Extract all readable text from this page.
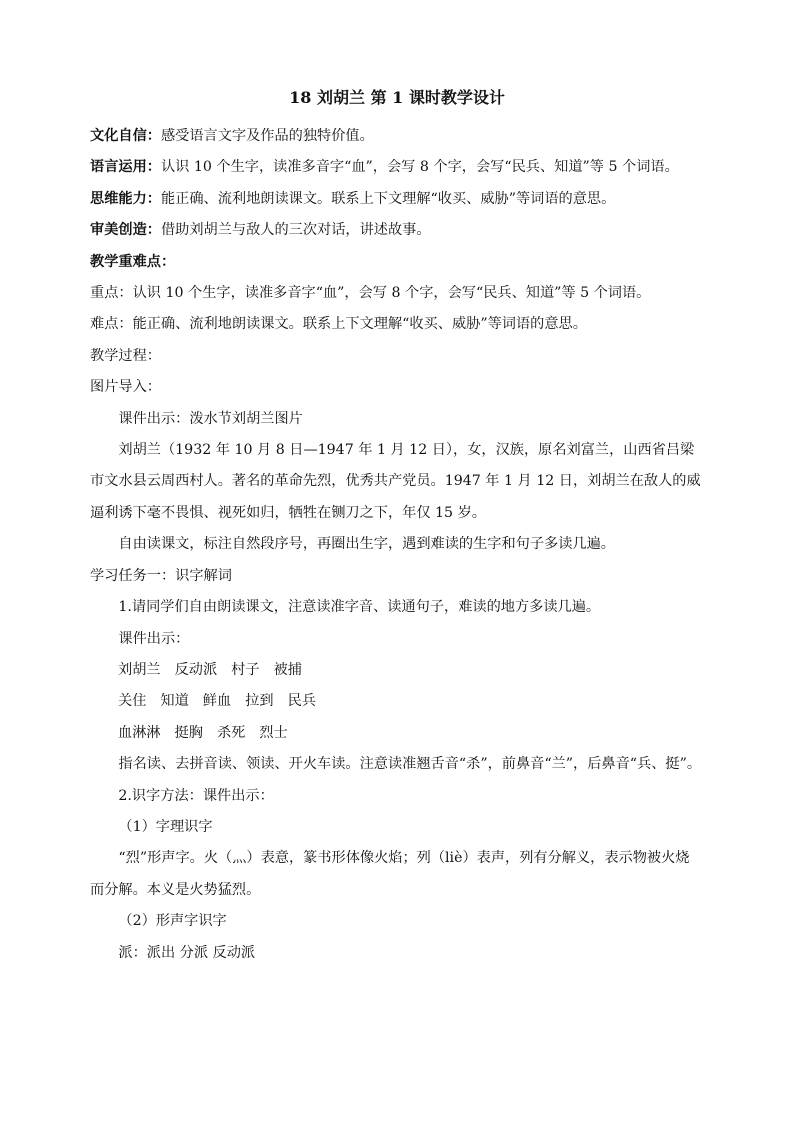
18 刘胡兰 第 1 课时教学设计

文化自信：感受语言文字及作品的独特价值。

语言运用：认识 10 个生字，读准多音字“血”，会写 8 个字，会写“民兵、知道”等 5 个词语。

思维能力：能正确、流利地朗读课文。联系上下文理解“收买、威胁”等词语的意思。

审美创造：借助刘胡兰与敌人的三次对话，讲述故事。

教学重难点：

重点：认识 10 个生字，读准多音字“血”，会写 8 个字，会写“民兵、知道”等 5 个词语。

难点：能正确、流利地朗读课文。联系上下文理解“收买、威胁”等词语的意思。

教学过程：

图片导入：

课件出示：泼水节刘胡兰图片

刘胡兰（1932 年 10 月 8 日—1947 年 1 月 12 日），女，汉族，原名刘富兰，山西省吕梁市文水县云周西村人。著名的革命先烈，优秀共产党员。1947 年 1 月 12 日，刘胡兰在敌人的威逼利诱下毫不畏惧、视死如归，牺牲在铡刀之下，年仅 15 岁。

自由读课文，标注自然段序号，再圈出生字，遇到难读的生字和句子多读几遍。

学习任务一：识字解词

1.请同学们自由朗读课文，注意读准字音、读通句子，难读的地方多读几遍。

课件出示：

刘胡兰 反动派 村子 被捕

关住 知道 鲜血 拉到 民兵

血淋淋 挺胸 杀死 烈士

指名读、去拼音读、领读、开火车读。注意读准翘舌音“杀”，前鼻音“兰”，后鼻音“兵、挺”。

2.识字方法：课件出示：

（1）字理识字

“烈”形声字。火（灬）表意，篆书形体像火焰；列（liè）表声，列有分解义，表示物被火烧而分解。本义是火势猛烈。

（2）形声字识字

派：派出 分派 反动派
